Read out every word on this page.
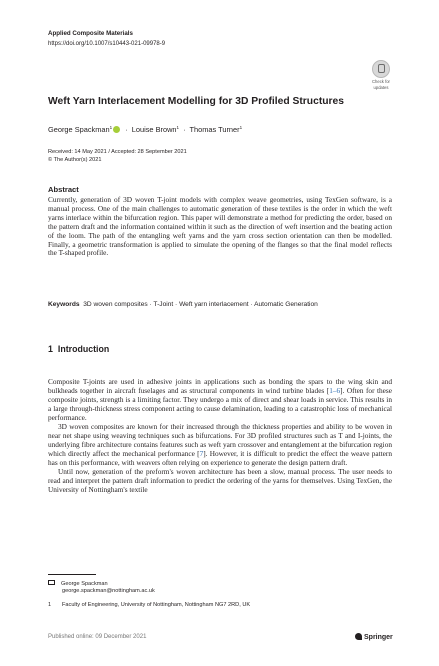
Applied Composite Materials
https://doi.org/10.1007/s10443-021-09978-9
Check for
updates
Weft Yarn Interlacement Modelling for 3D Profiled Structures
George Spackman$^1$ · Louise Brown$^1$ · Thomas Turner$^1$
Received: 14 May 2021 / Accepted: 28 September 2021
© The Author(s) 2021
Abstract
Currently, generation of 3D woven T-joint models with complex weave geometries, using TexGen software, is a manual process. One of the main challenges to automatic generation of these textiles is the order in which the weft yarns interlace within the bifurcation region. This paper will demonstrate a method for predicting the order, based on the pattern draft and the information contained within it such as the direction of weft insertion and the beating action of the loom. The path of the entangling weft yarns and the yarn cross section orientation can then be modelled. Finally, a geometric transformation is applied to simulate the opening of the flanges so that the final model reflects the T-shaped profile.
Keywords 3D woven composites · T-Joint · Weft yarn interlacement · Automatic Generation
1 Introduction

Composite T-joints are used in adhesive joints in applications such as bonding the spars to the wing skin and bulkheads together in aircraft fuselages and as structural components in wind turbine blades [1–6]. Often for these composite joints, strength is a limiting factor. They undergo a mix of direct and shear loads in service. This results in a large through-thickness stress component acting to cause delamination, leading to a catastrophic loss of mechanical performance.

3D woven composites are known for their increased through the thickness properties and ability to be woven in near net shape using weaving techniques such as bifurcations. For 3D profiled structures such as T and I-joints, the underlying fibre architecture contains features such as weft yarn crossover and entanglement at the bifurcation region which directly affect the mechanical performance [7]. However, it is difficult to predict the effect the weave pattern has on this performance, with weavers often relying on experience to generate the design pattern draft.

Until now, generation of the preform's woven architecture has been a slow, manual process. The user needs to read and interpret the pattern draft information to predict the ordering of the yarns for themselves. Using TexGen, the University of Nottingham's textile

George Spackman
george.spackman@nottingham.ac.uk
1 Faculty of Engineering, University of Nottingham, Nottingham NG7 2RD, UK
Published online: 09 December 2021	Springer
